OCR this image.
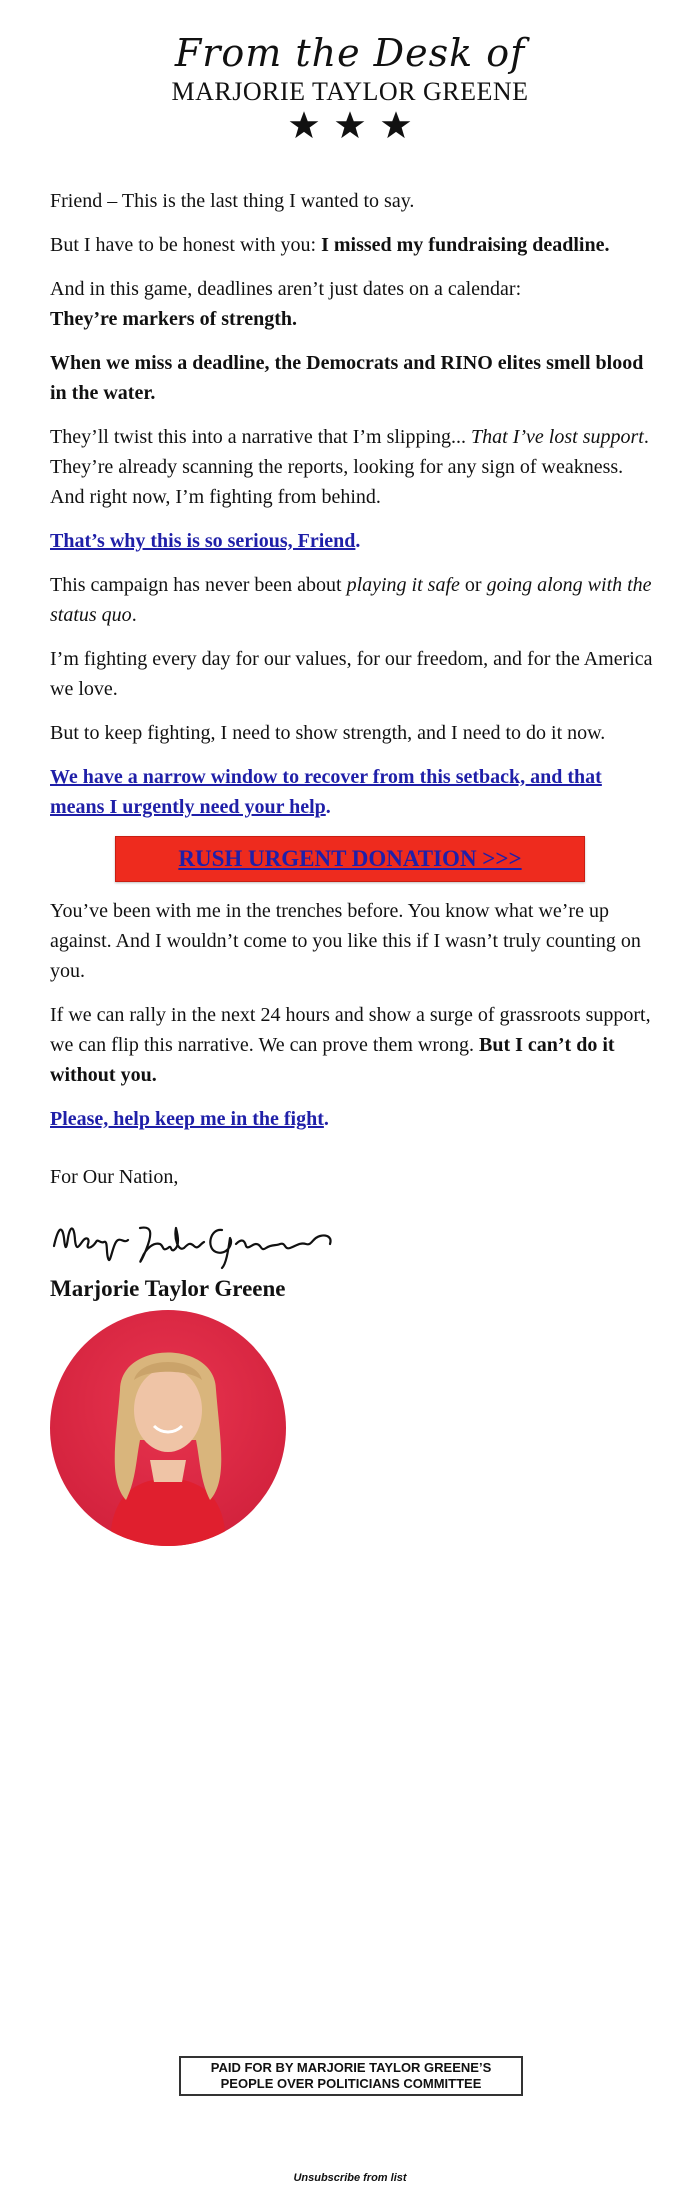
From the Desk of
MARJORIE TAYLOR GREENE

Friend – This is the last thing I wanted to say.

But I have to be honest with you: I missed my fundraising deadline.

And in this game, deadlines aren’t just dates on a calendar:
They’re markers of strength.

When we miss a deadline, the Democrats and RINO elites smell blood in the water.

They’ll twist this into a narrative that I’m slipping... That I’ve lost support. They’re already scanning the reports, looking for any sign of weakness. And right now, I’m fighting from behind.

That’s why this is so serious, Friend.

This campaign has never been about playing it safe or going along with the status quo.

I’m fighting every day for our values, for our freedom, and for the America we love.

But to keep fighting, I need to show strength, and I need to do it now.

We have a narrow window to recover from this setback, and that means I urgently need your help.

RUSH URGENT DONATION >>>

You’ve been with me in the trenches before. You know what we’re up against. And I wouldn’t come to you like this if I wasn’t truly counting on you.

If we can rally in the next 24 hours and show a surge of grassroots support, we can flip this narrative. We can prove them wrong. But I can’t do it without you.

Please, help keep me in the fight.

For Our Nation,

Marjorie Taylor Greene
PAID FOR BY MARJORIE TAYLOR GREENE’S
PEOPLE OVER POLITICIANS COMMITTEE
Unsubscribe from list
